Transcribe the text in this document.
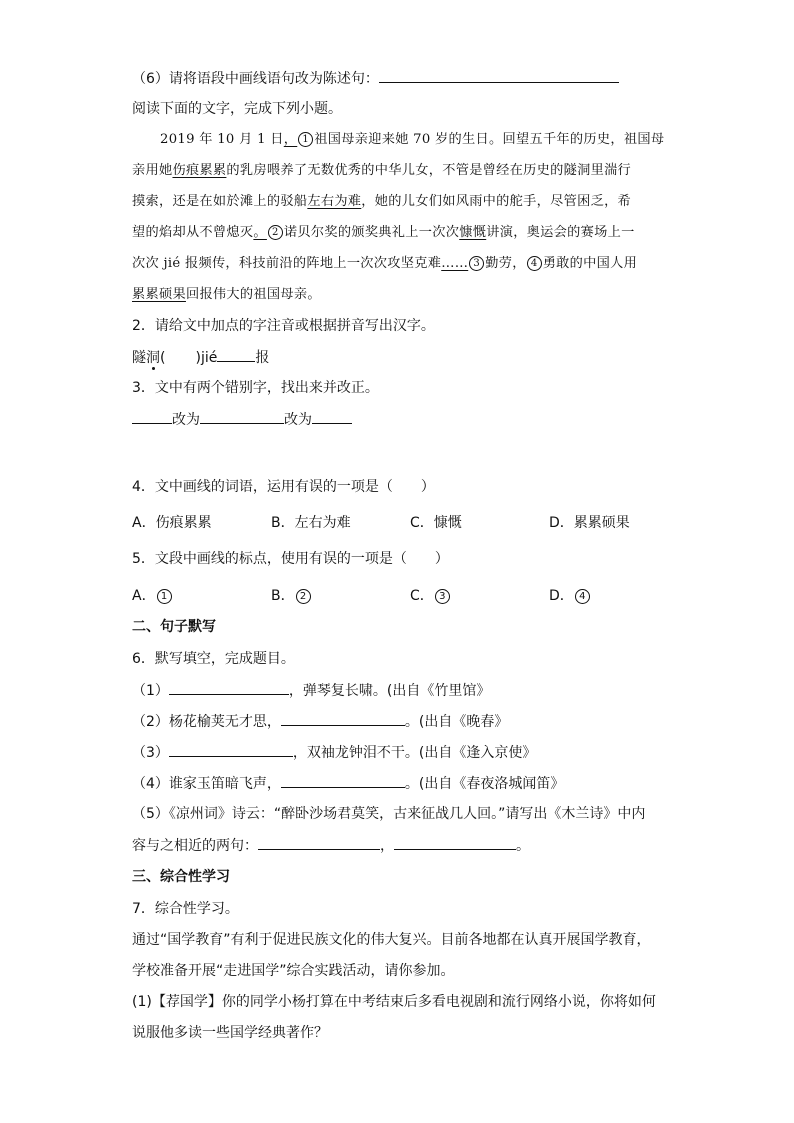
（6）请将语段中画线语句改为陈述句：
阅读下面的文字，完成下列小题。
2019 年 10 月 1 日， 1 祖国母亲迎来她 70 岁的生日。回望五千年的历史，祖国母
亲用她伤痕累累的乳房喂养了无数优秀的中华儿女，不管是曾经在历史的隧洞里湍行
摸索，还是在如於滩上的驳船左右为难，她的儿女们如风雨中的舵手，尽管困乏，希
望的焰却从不曾熄灭。 2 诺贝尔奖的颁奖典礼上一次次慷慨讲演，奥运会的赛场上一
次次 jié 报频传，科技前沿的阵地上一次次攻坚克难…… 3 勤劳， 4 勇敢的中国人用
累累硕果回报伟大的祖国母亲。
2．请给文中加点的字注音或根据拼音写出汉字。
隧洞( )jié	报
3．文中有两个错别字，找出来并改正。
改为	改为
4．文中画线的词语，运用有误的一项是（　　）
A．伤痕累累	B．左右为难	C．慷慨	D．累累硕果
5．文段中画线的标点，使用有误的一项是（　　）
A． 1	B． 2	C． 3	D． 4
二、句子默写
6．默写填空，完成题目。
（1）	，弹琴复长啸。(出自《竹里馆》
（2）杨花榆荚无才思，	。(出自《晚春》
（3）	，双袖龙钟泪不干。(出自《逢入京使》
（4）谁家玉笛暗飞声，	。(出自《春夜洛城闻笛》
（5）《凉州词》诗云：“醉卧沙场君莫笑，古来征战几人回。”请写出《木兰诗》中内
容与之相近的两句：	，	。
三、综合性学习
7．综合性学习。
通过“国学教育”有利于促进民族文化的伟大复兴。目前各地都在认真开展国学教育，
学校准备开展“走进国学”综合实践活动，请你参加。
(1)【荐国学】你的同学小杨打算在中考结束后多看电视剧和流行网络小说，你将如何
说服他多读一些国学经典著作？
